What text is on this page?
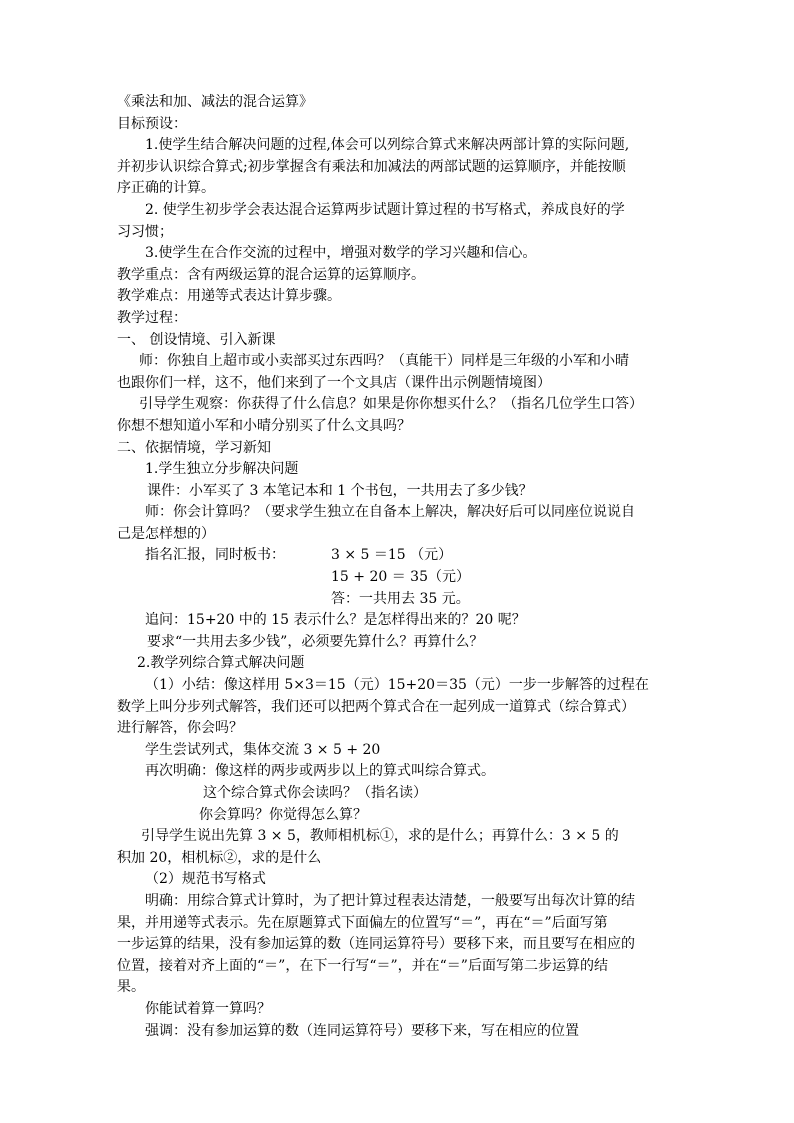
《乘法和加、减法的混合运算》
目标预设：
1.使学生结合解决问题的过程,体会可以列综合算式来解决两部计算的实际问题,
并初步认识综合算式;初步掌握含有乘法和加减法的两部试题的运算顺序，并能按顺
序正确的计算。
2. 使学生初步学会表达混合运算两步试题计算过程的书写格式，养成良好的学
习习惯；
3.使学生在合作交流的过程中，增强对数学的学习兴趣和信心。
教学重点：含有两级运算的混合运算的运算顺序。
教学难点：用递等式表达计算步骤。
教学过程：
一、 创设情境、引入新课
师：你独自上超市或小卖部买过东西吗？（真能干）同样是三年级的小军和小晴
也跟你们一样，这不，他们来到了一个文具店（课件出示例题情境图）
引导学生观察：你获得了什么信息？如果是你你想买什么？（指名几位学生口答）
你想不想知道小军和小晴分别买了什么文具吗？
二、依据情境，学习新知
1.学生独立分步解决问题
课件：小军买了 3 本笔记本和 1 个书包，一共用去了多少钱？
师：你会计算吗？（要求学生独立在自备本上解决，解决好后可以同座位说说自
己是怎样想的）
指名汇报，同时板书：	3 × 5 ＝15 （元）
15 + 20 ＝ 35（元）
答：一共用去 35 元。
追问：15+20 中的 15 表示什么？是怎样得出来的？20 呢？
要求“一共用去多少钱”，必须要先算什么？再算什么？
2.教学列综合算式解决问题
（1）小结：像这样用 5×3＝15（元）15+20＝35（元）一步一步解答的过程在
数学上叫分步列式解答，我们还可以把两个算式合在一起列成一道算式（综合算式）
进行解答，你会吗？
学生尝试列式，集体交流 3 × 5 + 20
再次明确：像这样的两步或两步以上的算式叫综合算式。
这个综合算式你会读吗？（指名读）
你会算吗？你觉得怎么算？
引导学生说出先算 3 × 5，教师相机标①，求的是什么；再算什么：3 × 5 的
积加 20，相机标②，求的是什么
（2）规范书写格式
明确：用综合算式计算时，为了把计算过程表达清楚，一般要写出每次计算的结
果，并用递等式表示。先在原题算式下面偏左的位置写“＝”，再在“＝”后面写第
一步运算的结果，没有参加运算的数（连同运算符号）要移下来，而且要写在相应的
位置，接着对齐上面的“＝”，在下一行写“＝”，并在“＝”后面写第二步运算的结
果。
你能试着算一算吗？
强调：没有参加运算的数（连同运算符号）要移下来，写在相应的位置
